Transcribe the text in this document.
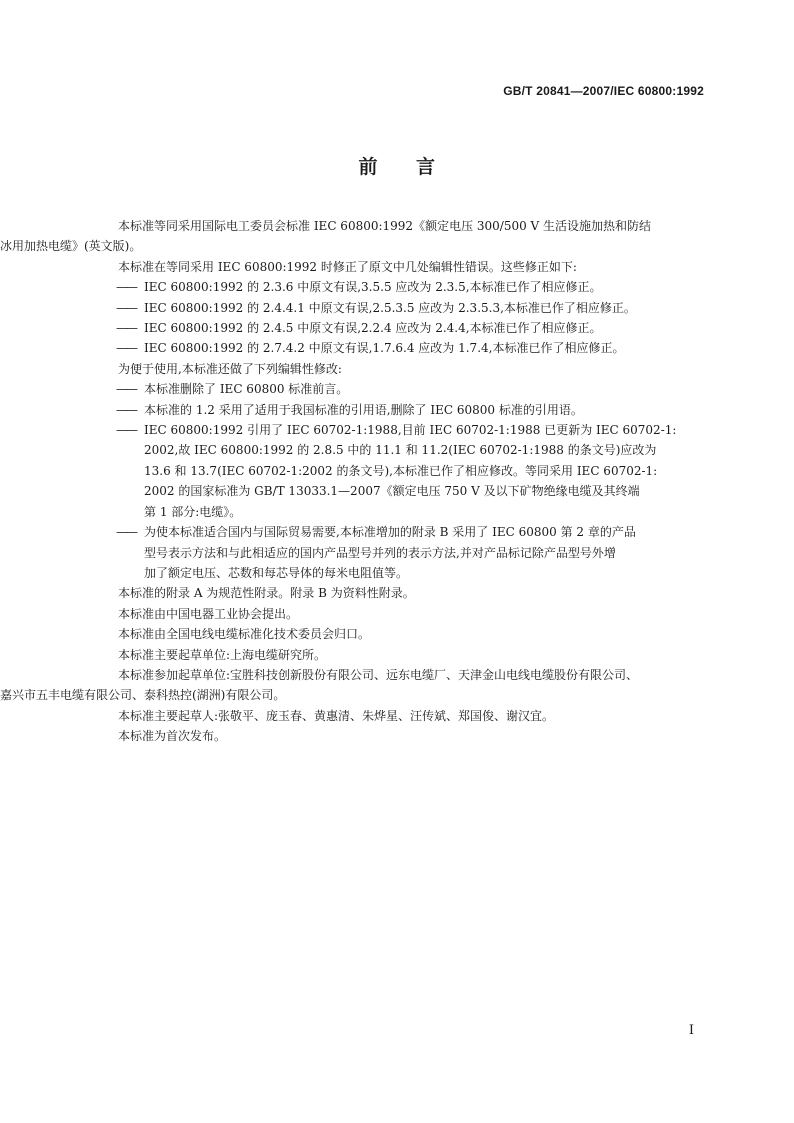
GB/T 20841—2007/IEC 60800:1992
前 言
本标准等同采用国际电工委员会标准 IEC 60800:1992《额定电压 300/500 V 生活设施加热和防结
冰用加热电缆》(英文版)。
本标准在等同采用 IEC 60800:1992 时修正了原文中几处编辑性错误。这些修正如下:
—— IEC 60800:1992 的 2.3.6 中原文有误,3.5.5 应改为 2.3.5,本标准已作了相应修正。
—— IEC 60800:1992 的 2.4.4.1 中原文有误,2.5.3.5 应改为 2.3.5.3,本标准已作了相应修正。
—— IEC 60800:1992 的 2.4.5 中原文有误,2.2.4 应改为 2.4.4,本标准已作了相应修正。
—— IEC 60800:1992 的 2.7.4.2 中原文有误,1.7.6.4 应改为 1.7.4,本标准已作了相应修正。
为便于使用,本标准还做了下列编辑性修改:
—— 本标准删除了 IEC 60800 标准前言。
—— 本标准的 1.2 采用了适用于我国标准的引用语,删除了 IEC 60800 标准的引用语。
—— IEC 60800:1992 引用了 IEC 60702-1:1988,目前 IEC 60702-1:1988 已更新为 IEC 60702-1:
2002,故 IEC 60800:1992 的 2.8.5 中的 11.1 和 11.2(IEC 60702-1:1988 的条文号)应改为
13.6 和 13.7(IEC 60702-1:2002 的条文号),本标准已作了相应修改。等同采用 IEC 60702-1:
2002 的国家标准为 GB/T 13033.1—2007《额定电压 750 V 及以下矿物绝缘电缆及其终端
第 1 部分:电缆》。
—— 为使本标准适合国内与国际贸易需要,本标准增加的附录 B 采用了 IEC 60800 第 2 章的产品
型号表示方法和与此相适应的国内产品型号并列的表示方法,并对产品标记除产品型号外增
加了额定电压、芯数和每芯导体的每米电阻值等。
本标准的附录 A 为规范性附录。附录 B 为资料性附录。
本标准由中国电器工业协会提出。
本标准由全国电线电缆标准化技术委员会归口。
本标准主要起草单位:上海电缆研究所。
本标准参加起草单位:宝胜科技创新股份有限公司、远东电缆厂、天津金山电线电缆股份有限公司、
嘉兴市五丰电缆有限公司、泰科热控(湖洲)有限公司。
本标准主要起草人:张敬平、庞玉春、黄惠清、朱烨星、汪传斌、郑国俊、谢汉宜。
本标准为首次发布。
I
